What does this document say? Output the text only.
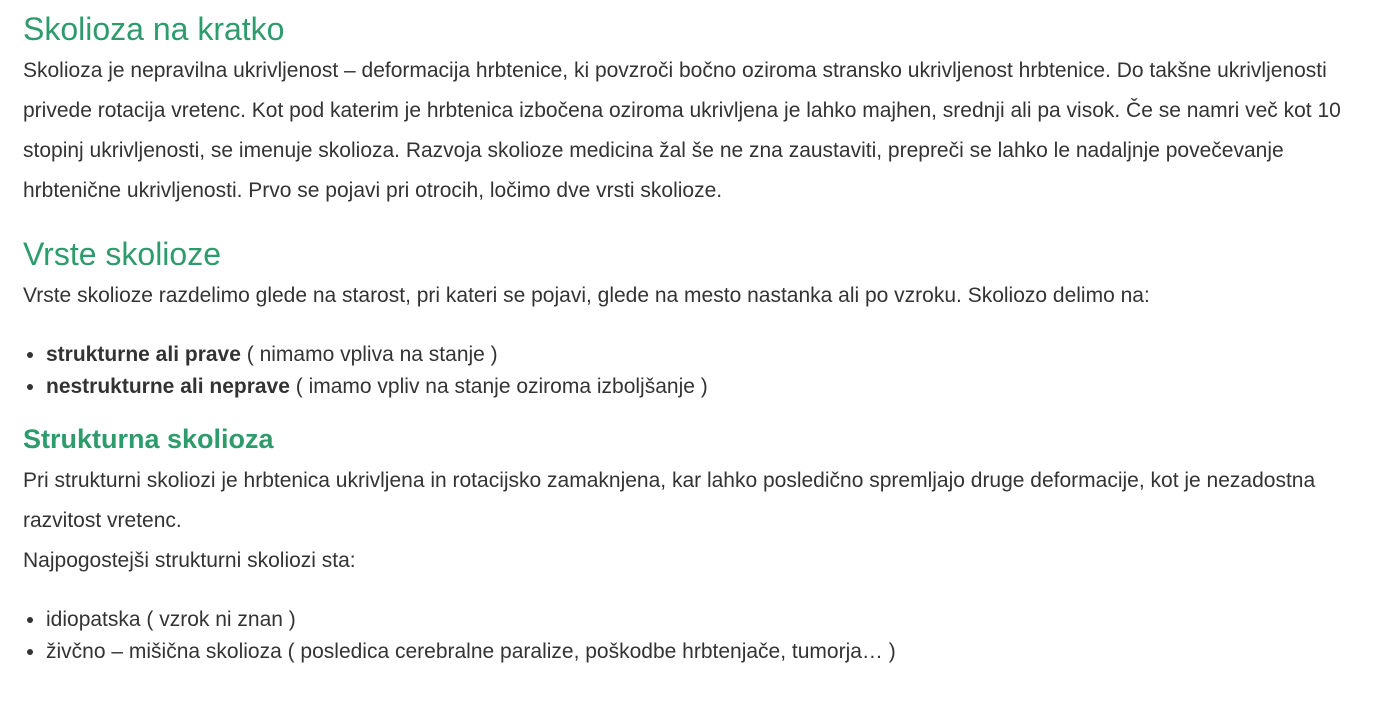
Skolioza na kratko

Skolioza je nepravilna ukrivljenost – deformacija hrbtenice, ki povzroči bočno oziroma stransko ukrivljenost hrbtenice. Do takšne ukrivljenosti privede rotacija vretenc. Kot pod katerim je hrbtenica izbočena oziroma ukrivljena je lahko majhen, srednji ali pa visok. Če se namri več kot 10 stopinj ukrivljenosti, se imenuje skolioza. Razvoja skolioze medicina žal še ne zna zaustaviti, prepreči se lahko le nadaljnje povečevanje hrbtenične ukrivljenosti. Prvo se pojavi pri otrocih, ločimo dve vrsti skolioze.

Vrste skolioze

Vrste skolioze razdelimo glede na starost, pri kateri se pojavi, glede na mesto nastanka ali po vzroku. Skoliozo delimo na:

• strukturne ali prave ( nimamo vpliva na stanje )
• nestrukturne ali neprave ( imamo vpliv na stanje oziroma izboljšanje )
Strukturna skolioza

Pri strukturni skoliozi je hrbtenica ukrivljena in rotacijsko zamaknjena, kar lahko posledično spremljajo druge deformacije, kot je nezadostna razvitost vretenc.

Najpogostejši strukturni skoliozi sta:

• idiopatska ( vzrok ni znan )
• živčno – mišična skolioza ( posledica cerebralne paralize, poškodbe hrbtenjače, tumorja… )
